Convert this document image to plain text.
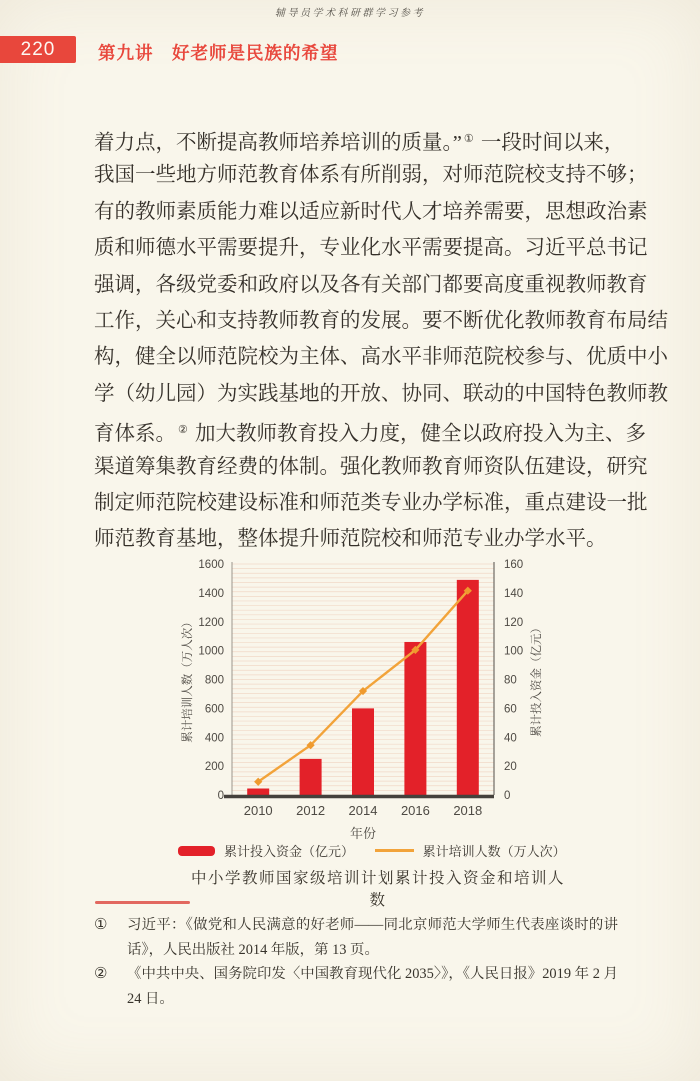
辅导员学术科研群学习参考
220 第九讲　好老师是民族的希望
着力点，不断提高教师培养培训的质量。” ① 一段时间以来，
我国一些地方师范教育体系有所削弱，对师范院校支持不够；
有的教师素质能力难以适应新时代人才培养需要，思想政治素
质和师德水平需要提升，专业化水平需要提高。习近平总书记
强调，各级党委和政府以及各有关部门都要高度重视教师教育
工作，关心和支持教师教育的发展。要不断优化教师教育布局结
构，健全以师范院校为主体、高水平非师范院校参与、优质中小
学（幼儿园）为实践基地的开放、协同、联动的中国特色教师教
育体系。 ② 加大教师教育投入力度，健全以政府投入为主、多
渠道筹集教育经费的体制。强化教师教育师资队伍建设，研究
制定师范院校建设标准和师范类专业办学标准，重点建设一批
师范教育基地，整体提升师范院校和师范专业办学水平。
0
200
400
600
800
1000
1200
1400
1600
0
20
40
60
80
100
120
140
160
2010 2012 2014 2016 2018
累计培训人数（万人次）	累计投入资金（亿元）
年份
累计投入资金（亿元）	累计培训人数（万人次）
中小学教师国家级培训计划累计投入资金和培训人数
①	习近平：《做党和人民满意的好老师——同北京师范大学师生代表座谈时的讲话》，人民出版社 2014 年版，第 13 页。
②	《中共中央、国务院印发〈中国教育现代化 2035〉》，《人民日报》2019 年 2 月 24 日。
